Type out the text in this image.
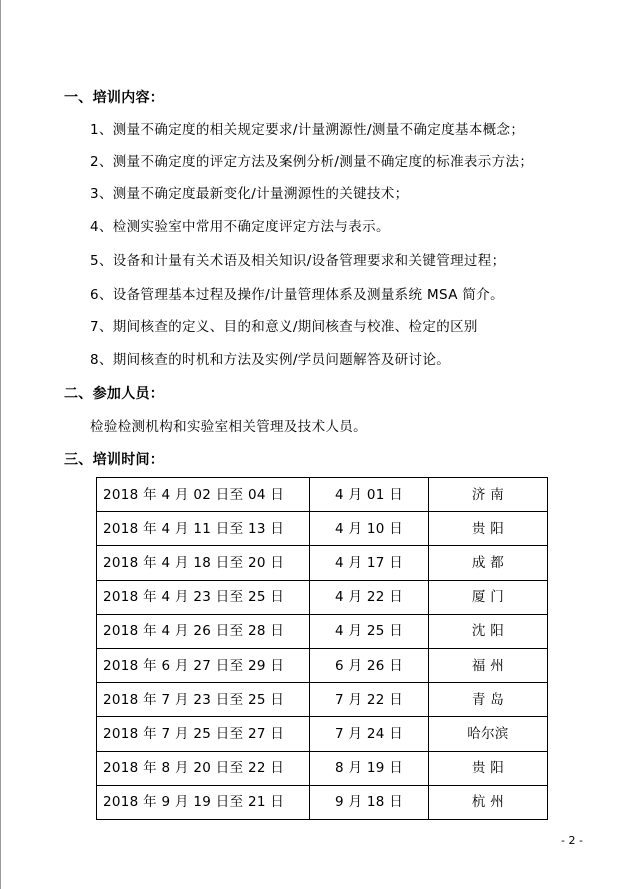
一、培训内容：
1、测量不确定度的相关规定要求/计量溯源性/测量不确定度基本概念；
2、测量不确定度的评定方法及案例分析/测量不确定度的标准表示方法；
3、测量不确定度最新变化/计量溯源性的关键技术；
4、检测实验室中常用不确定度评定方法与表示。
5、设备和计量有关术语及相关知识/设备管理要求和关键管理过程；
6、设备管理基本过程及操作/计量管理体系及测量系统 MSA 简介。
7、期间核查的定义、目的和意义/期间核查与校准、检定的区别
8、期间核查的时机和方法及实例/学员问题解答及研讨论。
二、参加人员：
检验检测机构和实验室相关管理及技术人员。
三、培训时间：
2018 年 4 月 02 日至 04 日	4 月 01 日	济 南
2018 年 4 月 11 日至 13 日	4 月 10 日	贵 阳
2018 年 4 月 18 日至 20 日	4 月 17 日	成 都
2018 年 4 月 23 日至 25 日	4 月 22 日	厦 门
2018 年 4 月 26 日至 28 日	4 月 25 日	沈 阳
2018 年 6 月 27 日至 29 日	6 月 26 日	福 州
2018 年 7 月 23 日至 25 日	7 月 22 日	青 岛
2018 年 7 月 25 日至 27 日	7 月 24 日	哈尔滨
2018 年 8 月 20 日至 22 日	8 月 19 日	贵 阳
2018 年 9 月 19 日至 21 日	9 月 18 日	杭 州
- 2 -
